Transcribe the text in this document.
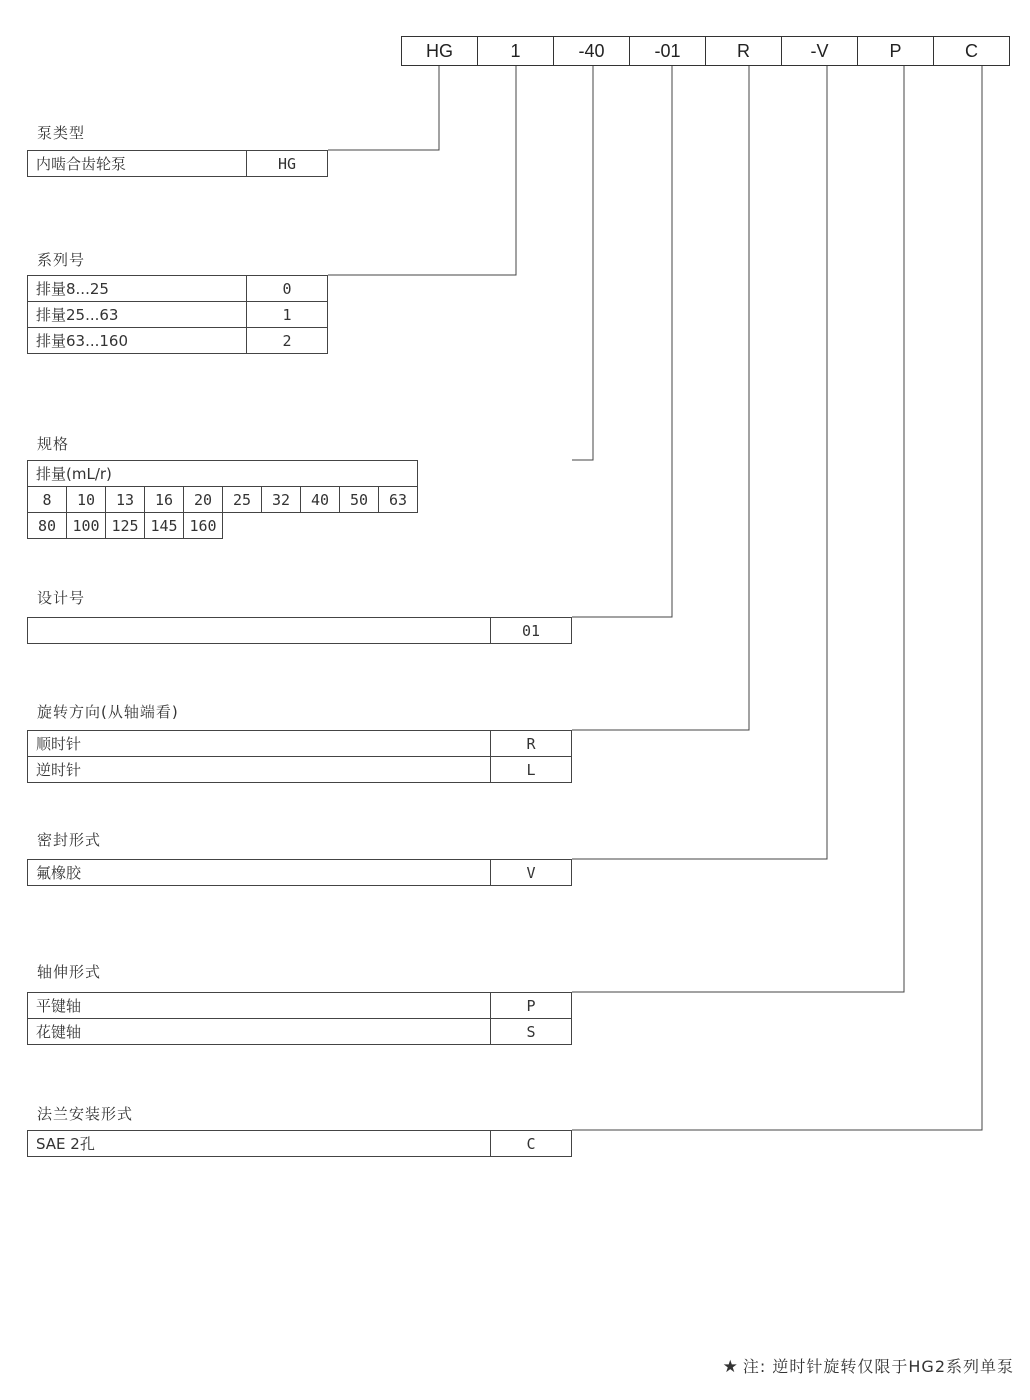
HG	1	-40	-01	R	-V	P	C
泵类型
内啮合齿轮泵	HG
系列号
排量8...25	0
排量25...63	1
排量63...160	2
规格
排量(mL/r)									
8	10	13	16	20	25	32	40	50	63
80	100	125	145	160					
设计号
	01
旋转方向(从轴端看)
顺时针	R
逆时针	L
密封形式
氟橡胶	V
轴伸形式
平键轴	P
花键轴	S
法兰安装形式
SAE 2孔	C
★ 注: 逆时针旋转仅限于HG2系列单泵
